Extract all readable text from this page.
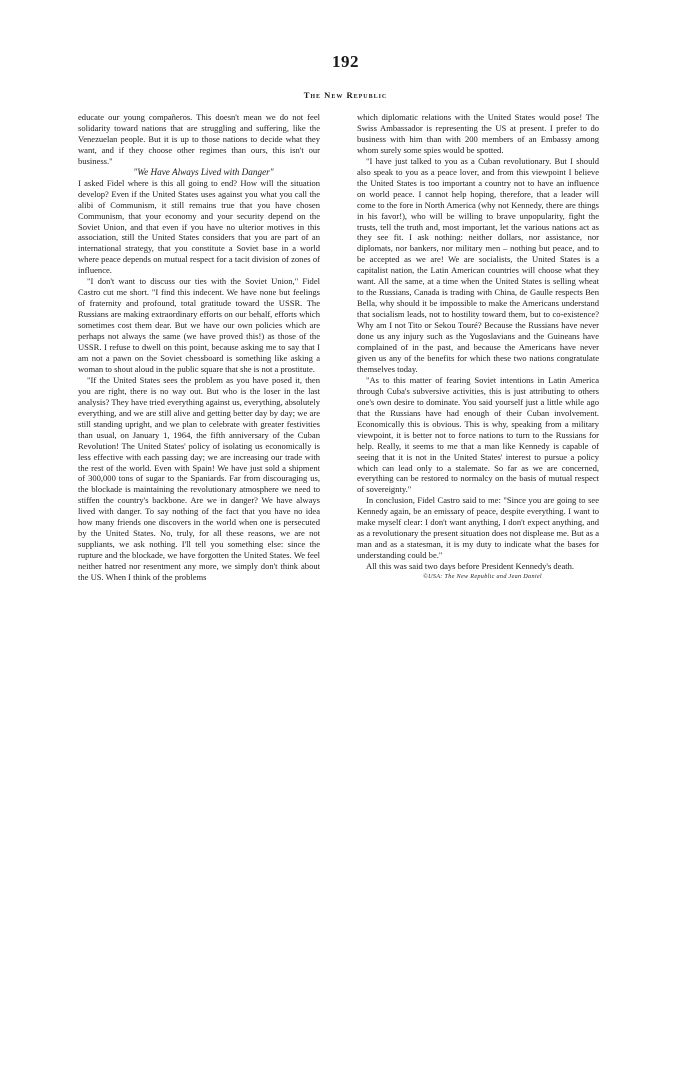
192
The New Republic

educate our young compañeros. This doesn't mean we do not feel solidarity toward nations that are struggling and suffering, like the Venezuelan people. But it is up to those nations to decide what they want, and if they choose other regimes than ours, this isn't our business."

"We Have Always Lived with Danger"

I asked Fidel where is this all going to end? How will the situation develop? Even if the United States uses against you what you call the alibi of Communism, it still remains true that you have chosen Communism, that your economy and your security depend on the Soviet Union, and that even if you have no ulterior motives in this association, still the United States considers that you are part of an international strategy, that you constitute a Soviet base in a world where peace depends on mutual respect for a tacit division of zones of influence.

"I don't want to discuss our ties with the Soviet Union," Fidel Castro cut me short. "I find this indecent. We have none but feelings of fraternity and profound, total gratitude toward the USSR. The Russians are making extraordinary efforts on our behalf, efforts which sometimes cost them dear. But we have our own policies which are perhaps not always the same (we have proved this!) as those of the USSR. I refuse to dwell on this point, because asking me to say that I am not a pawn on the Soviet chessboard is something like asking a woman to shout aloud in the public square that she is not a prostitute.

"If the United States sees the problem as you have posed it, then you are right, there is no way out. But who is the loser in the last analysis? They have tried everything against us, everything, absolutely everything, and we are still alive and getting better day by day; we are still standing upright, and we plan to celebrate with greater festivities than usual, on January 1, 1964, the fifth anniversary of the Cuban Revolution! The United States' policy of isolating us economically is less effective with each passing day; we are increasing our trade with the rest of the world. Even with Spain! We have just sold a shipment of 300,000 tons of sugar to the Spaniards. Far from discouraging us, the blockade is maintaining the revolutionary atmosphere we need to stiffen the country's backbone. Are we in danger? We have always lived with danger. To say nothing of the fact that you have no idea how many friends one discovers in the world when one is persecuted by the United States. No, truly, for all these reasons, we are not suppliants, we ask nothing. I'll tell you something else: since the rupture and the blockade, we have forgotten the United States. We feel neither hatred nor resentment any more, we simply don't think about the US. When I think of the problems

which diplomatic relations with the United States would pose! The Swiss Ambassador is representing the US at present. I prefer to do business with him than with 200 members of an Embassy among whom surely some spies would be spotted.

"I have just talked to you as a Cuban revolutionary. But I should also speak to you as a peace lover, and from this viewpoint I believe the United States is too important a country not to have an influence on world peace. I cannot help hoping, therefore, that a leader will come to the fore in North America (why not Kennedy, there are things in his favor!), who will be willing to brave unpopularity, fight the trusts, tell the truth and, most important, let the various nations act as they see fit. I ask nothing: neither dollars, nor assistance, nor diplomats, nor bankers, nor military men – nothing but peace, and to be accepted as we are! We are socialists, the United States is a capitalist nation, the Latin American countries will choose what they want. All the same, at a time when the United States is selling wheat to the Russians, Canada is trading with China, de Gaulle respects Ben Bella, why should it be impossible to make the Americans understand that socialism leads, not to hostility toward them, but to co-existence? Why am I not Tito or Sekou Touré? Because the Russians have never done us any injury such as the Yugoslavians and the Guineans have complained of in the past, and because the Americans have never given us any of the benefits for which these two nations congratulate themselves today.

"As to this matter of fearing Soviet intentions in Latin America through Cuba's subversive activities, this is just attributing to others one's own desire to dominate. You said yourself just a little while ago that the Russians have had enough of their Cuban involvement. Economically this is obvious. This is why, speaking from a military viewpoint, it is better not to force nations to turn to the Russians for help. Really, it seems to me that a man like Kennedy is capable of seeing that it is not in the United States' interest to pursue a policy which can lead only to a stalemate. So far as we are concerned, everything can be restored to normalcy on the basis of mutual respect of sovereignty."

In conclusion, Fidel Castro said to me: "Since you are going to see Kennedy again, be an emissary of peace, despite everything. I want to make myself clear: I don't want anything, I don't expect anything, and as a revolutionary the present situation does not displease me. But as a man and as a statesman, it is my duty to indicate what the bases for understanding could be."

All this was said two days before President Kennedy's death.

©USA: The New Republic and Jean Daniel
